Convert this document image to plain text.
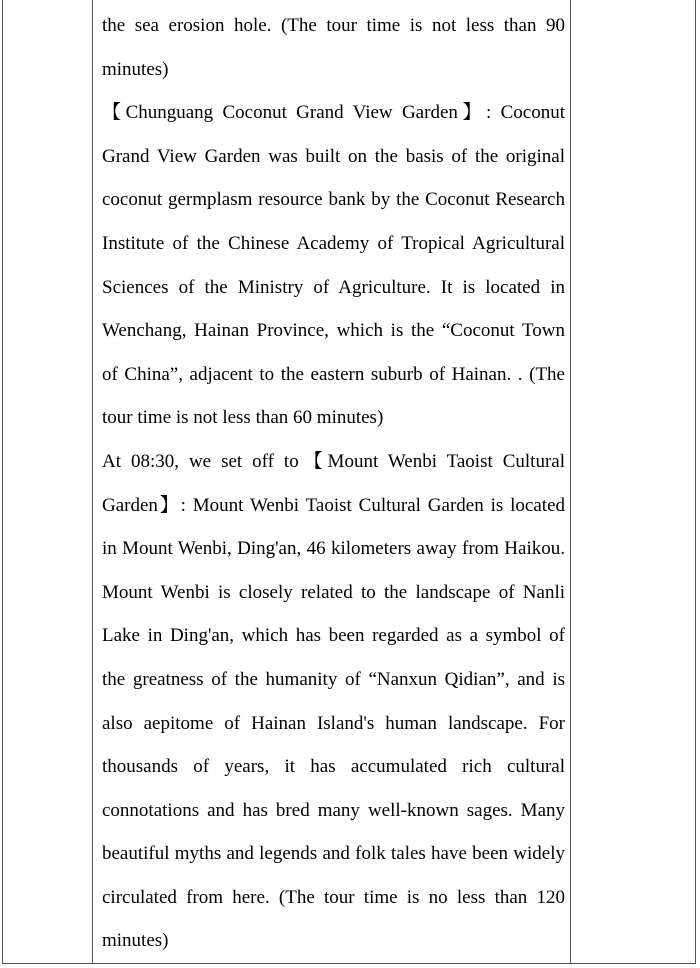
the sea erosion hole. (The tour time is not less than 90 minutes)

【Chunguang Coconut Grand View Garden】: Coconut Grand View Garden was built on the basis of the original coconut germplasm resource bank by the Coconut Research Institute of the Chinese Academy of Tropical Agricultural Sciences of the Ministry of Agriculture. It is located in Wenchang, Hainan Province, which is the “Coconut Town of China”, adjacent to the eastern suburb of Hainan. . (The tour time is not less than 60 minutes)

At 08:30, we set off to【Mount Wenbi Taoist Cultural Garden】: Mount Wenbi Taoist Cultural Garden is located in Mount Wenbi, Ding'an, 46 kilometers away from Haikou. Mount Wenbi is closely related to the landscape of Nanli Lake in Ding'an, which has been regarded as a symbol of the greatness of the humanity of “Nanxun Qidian”, and is also aepitome of Hainan Island's human landscape. For thousands of years, it has accumulated rich cultural connotations and has bred many well-known sages. Many beautiful myths and legends and folk tales have been widely circulated from here. (The tour time is no less than 120 minutes)
